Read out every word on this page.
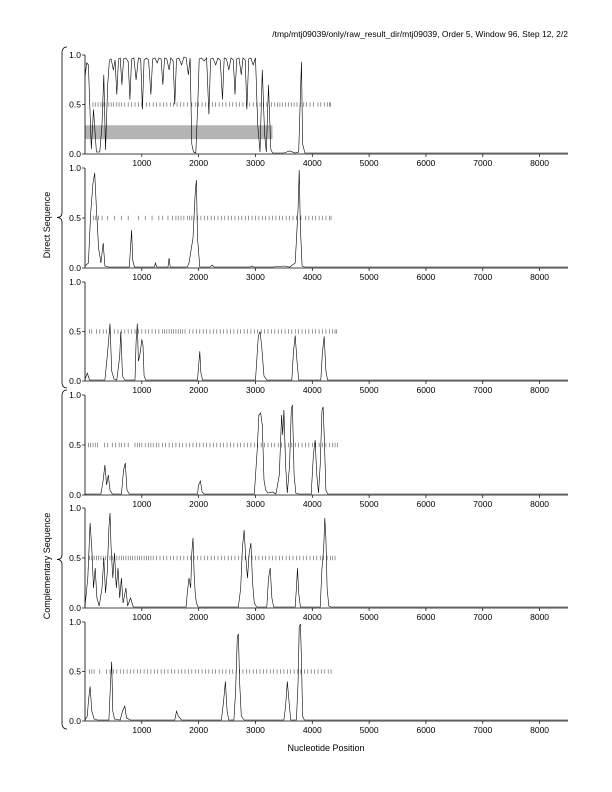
/tmp/mtj09039/only/raw_result_dir/mtj09039, Order 5, Window 96, Step 12, 2/2
0.0
0.5
1.0
1000	2000	3000	4000	5000	6000	7000	8000
0.0
0.5
1.0
1000	2000	3000	4000	5000	6000	7000	8000
0.0
0.5
1.0
1000	2000	3000	4000	5000	6000	7000	8000
0.0
0.5
1.0
1000	2000	3000	4000	5000	6000	7000	8000
0.0
0.5
1.0
1000	2000	3000	4000	5000	6000	7000	8000
0.0
0.5
1.0
1000	2000	3000	4000	5000	6000	7000	8000
Direct Sequence
Complementary Sequence
Nucleotide Position
